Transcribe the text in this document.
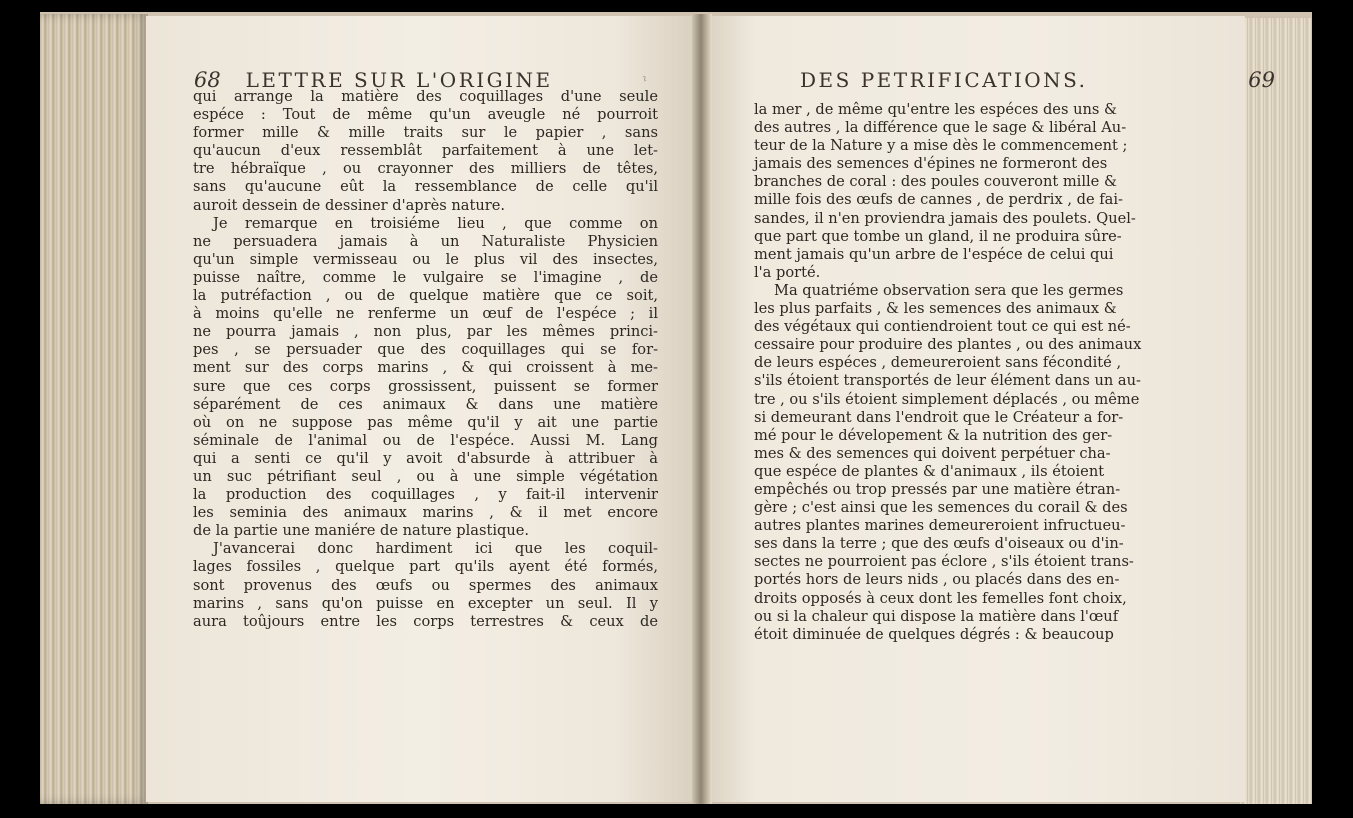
ˀ
68 LETTRE SUR L'ORIGINE	DES PETRIFICATIONS.	69
qui arrange la matière des coquillages d'une seule
espéce : Tout de même qu'un aveugle né pourroit
former mille & mille traits sur le papier , sans
qu'aucun d'eux ressemblât parfaitement à une let-
tre hébraïque , ou crayonner des milliers de têtes,
sans qu'aucune eût la ressemblance de celle qu'il
auroit dessein de dessiner d'après nature.
Je remarque en troisiéme lieu , que comme on
ne persuadera jamais à un Naturaliste Physicien
qu'un simple vermisseau ou le plus vil des insectes,
puisse naître, comme le vulgaire se l'imagine , de
la putréfaction , ou de quelque matière que ce soit,
à moins qu'elle ne renferme un œuf de l'espéce ; il
ne pourra jamais , non plus, par les mêmes princi-
pes , se persuader que des coquillages qui se for-
ment sur des corps marins , & qui croissent à me-
sure que ces corps grossissent, puissent se former
séparément de ces animaux & dans une matière
où on ne suppose pas même qu'il y ait une partie
séminale de l'animal ou de l'espéce. Aussi M. Lang
qui a senti ce qu'il y avoit d'absurde à attribuer à
un suc pétrifiant seul , ou à une simple végétation
la production des coquillages , y fait-il intervenir
les seminia des animaux marins , & il met encore
de la partie une maniére de nature plastique.
J'avancerai donc hardiment ici que les coquil-
lages fossiles , quelque part qu'ils ayent été formés,
sont provenus des œufs ou spermes des animaux
marins , sans qu'on puisse en excepter un seul. Il y
aura toûjours entre les corps terrestres & ceux de
la mer , de même qu'entre les espéces des uns &
des autres , la différence que le sage & libéral Au-
teur de la Nature y a mise dès le commencement ;
jamais des semences d'épines ne formeront des
branches de coral : des poules couveront mille &
mille fois des œufs de cannes , de perdrix , de fai-
sandes, il n'en proviendra jamais des poulets. Quel-
que part que tombe un gland, il ne produira sûre-
ment jamais qu'un arbre de l'espéce de celui qui
l'a porté.
Ma quatriéme observation sera que les germes
les plus parfaits , & les semences des animaux &
des végétaux qui contiendroient tout ce qui est né-
cessaire pour produire des plantes , ou des animaux
de leurs espéces , demeureroient sans fécondité ,
s'ils étoient transportés de leur élément dans un au-
tre , ou s'ils étoient simplement déplacés , ou même
si demeurant dans l'endroit que le Créateur a for-
mé pour le dévelopement & la nutrition des ger-
mes & des semences qui doivent perpétuer cha-
que espéce de plantes & d'animaux , ils étoient
empêchés ou trop pressés par une matière étran-
gère ; c'est ainsi que les semences du corail & des
autres plantes marines demeureroient infructueu-
ses dans la terre ; que des œufs d'oiseaux ou d'in-
sectes ne pourroient pas éclore , s'ils étoient trans-
portés hors de leurs nids , ou placés dans des en-
droits opposés à ceux dont les femelles font choix,
ou si la chaleur qui dispose la matière dans l'œuf
étoit diminuée de quelques dégrés : & beaucoup
